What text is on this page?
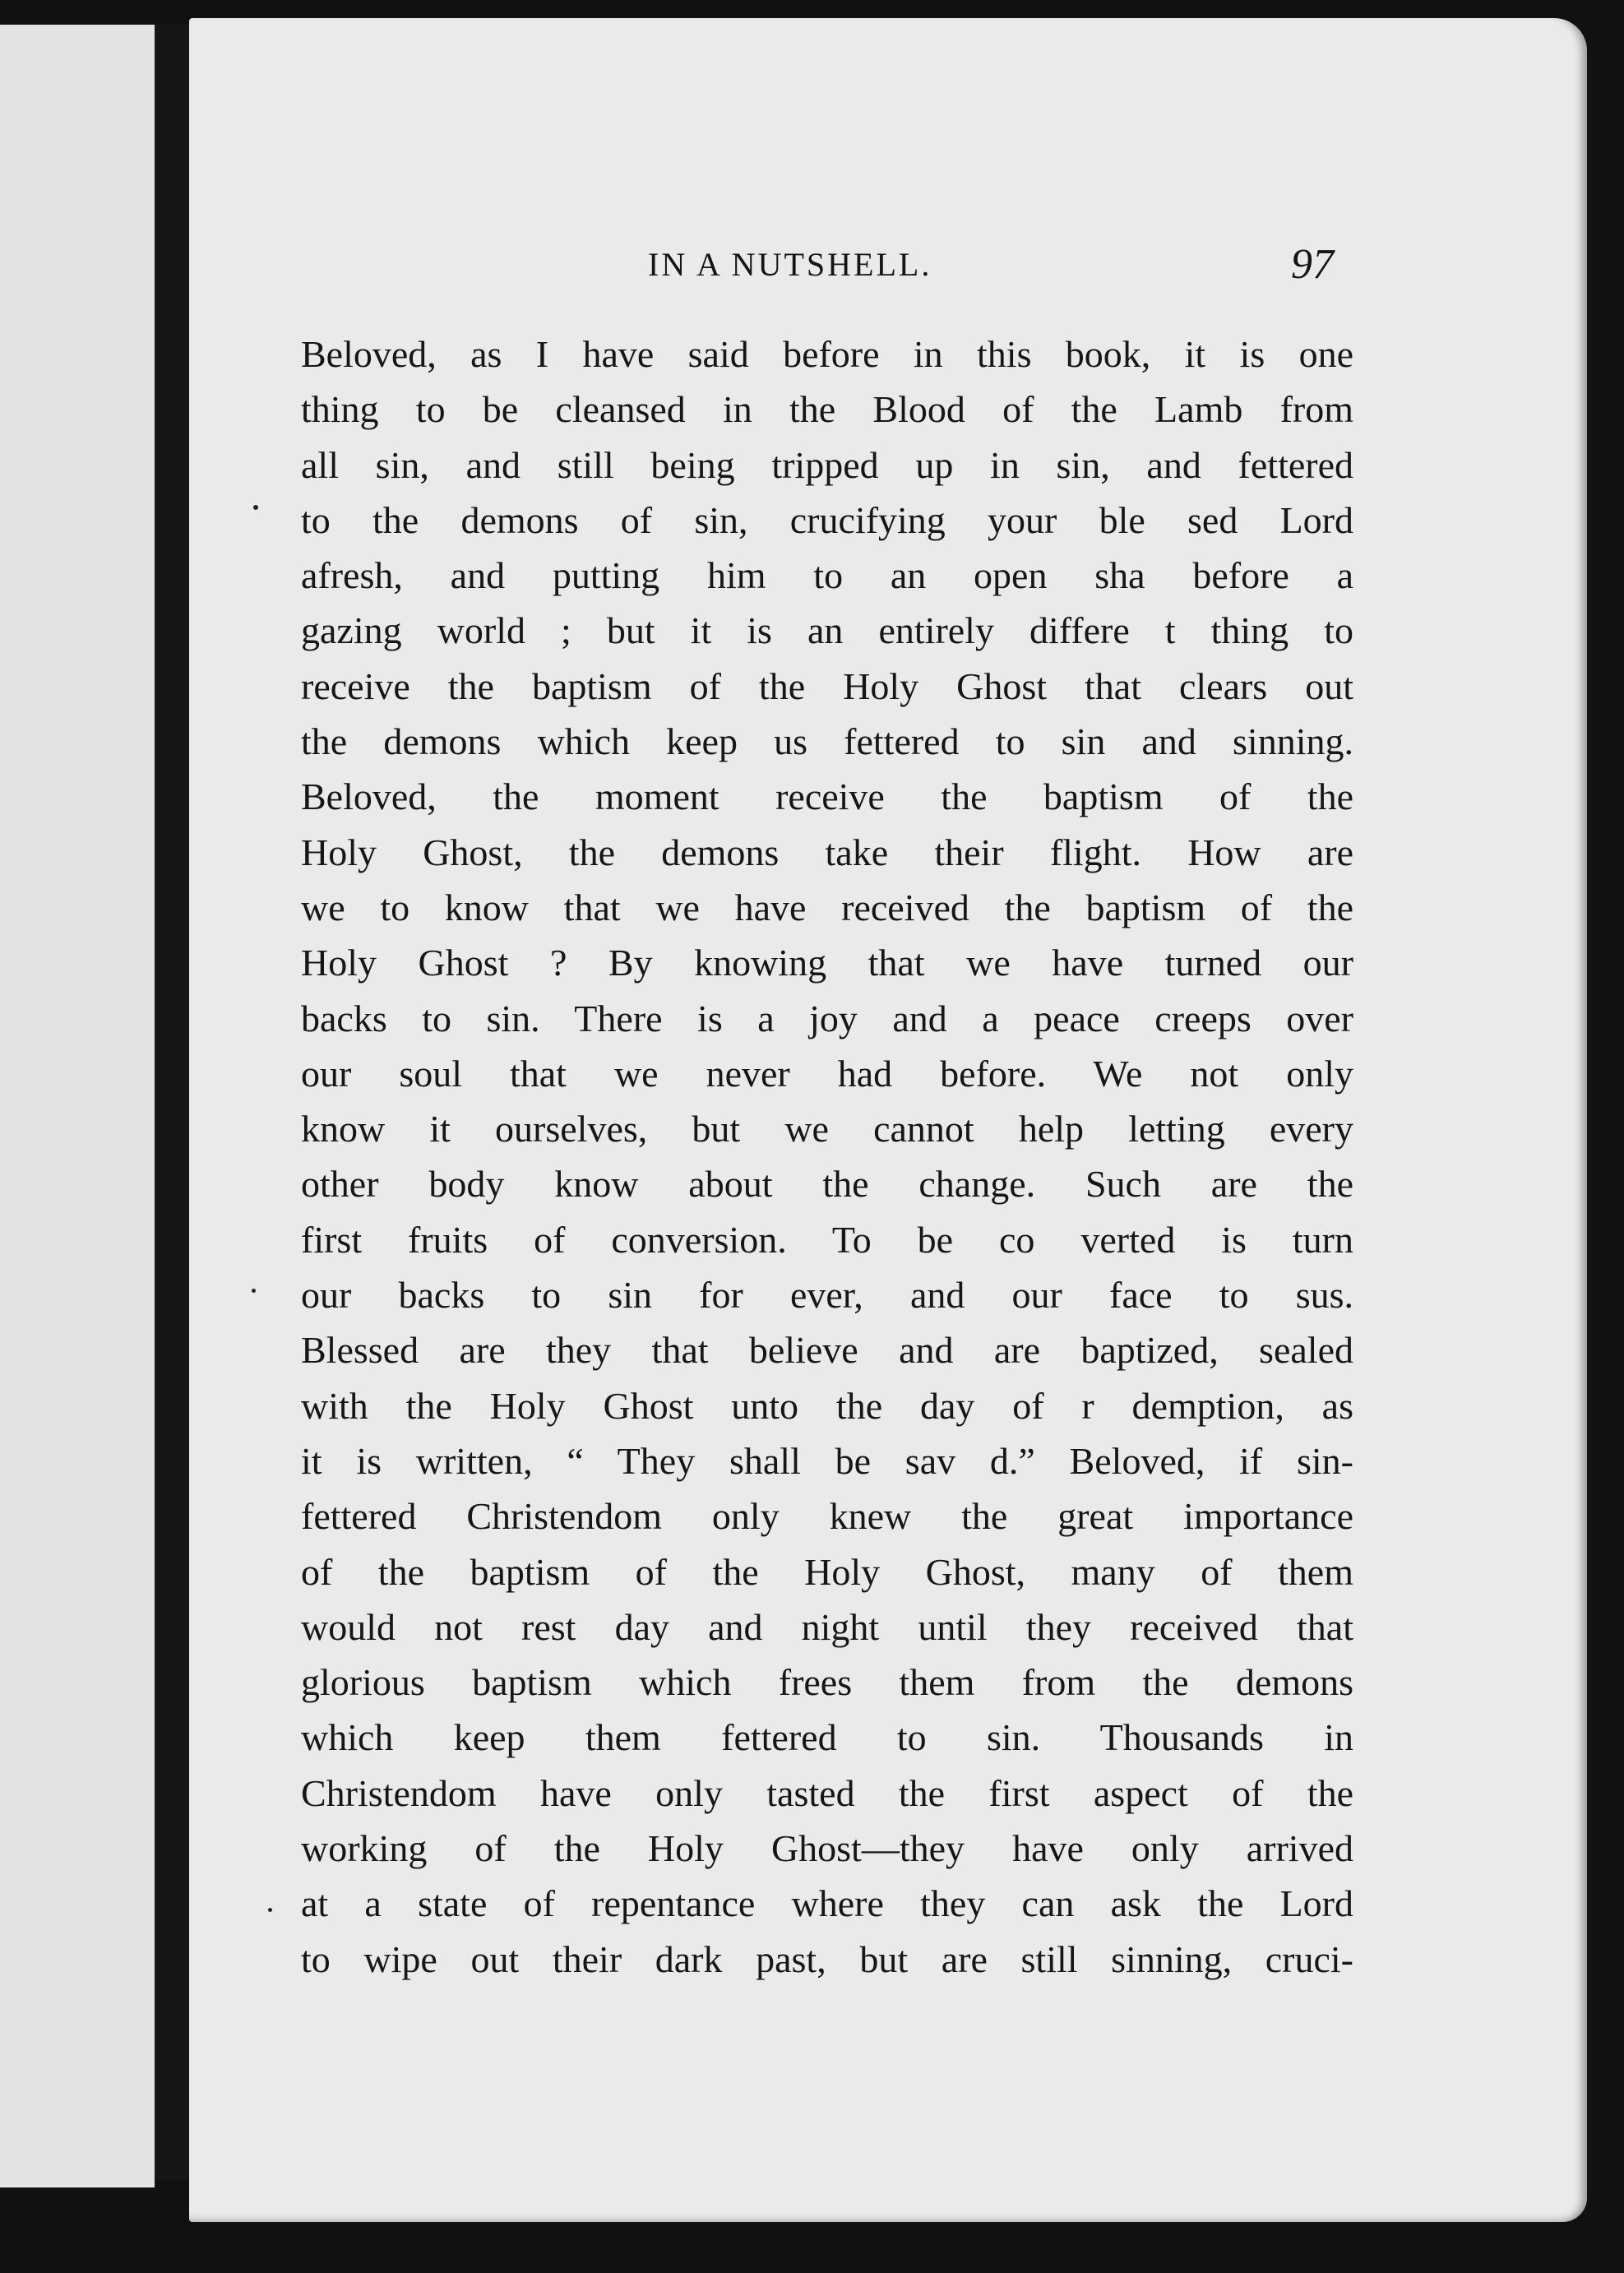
IN A NUTSHELL.	97
Beloved, as I have said before in this book, it is one
thing to be cleansed in the Blood of the Lamb from
all sin, and still being tripped up in sin, and fettered
to the demons of sin, crucifying your ble sed Lord
afresh, and putting him to an open sha before a
gazing world ; but it is an entirely differe t thing to
receive the baptism of the Holy Ghost that clears out
the demons which keep us fettered to sin and sinning.
Beloved, the moment receive the baptism of the
Holy Ghost, the demons take their flight. How are
we to know that we have received the baptism of the
Holy Ghost ? By knowing that we have turned our
backs to sin. There is a joy and a peace creeps over
our soul that we never had before. We not only
know it ourselves, but we cannot help letting every
other body know about the change. Such are the
first fruits of conversion. To be co verted is turn
our backs to sin for ever, and our face to sus.
Blessed are they that believe and are baptized, sealed
with the Holy Ghost unto the day of r demption, as
it is written, “ They shall be sav d.” Beloved, if sin-
fettered Christendom only knew the great importance
of the baptism of the Holy Ghost, many of them
would not rest day and night until they received that
glorious baptism which frees them from the demons
which keep them fettered to sin. Thousands in
Christendom have only tasted the first aspect of the
working of the Holy Ghost—they have only arrived
at a state of repentance where they can ask the Lord
to wipe out their dark past, but are still sinning, cruci-
